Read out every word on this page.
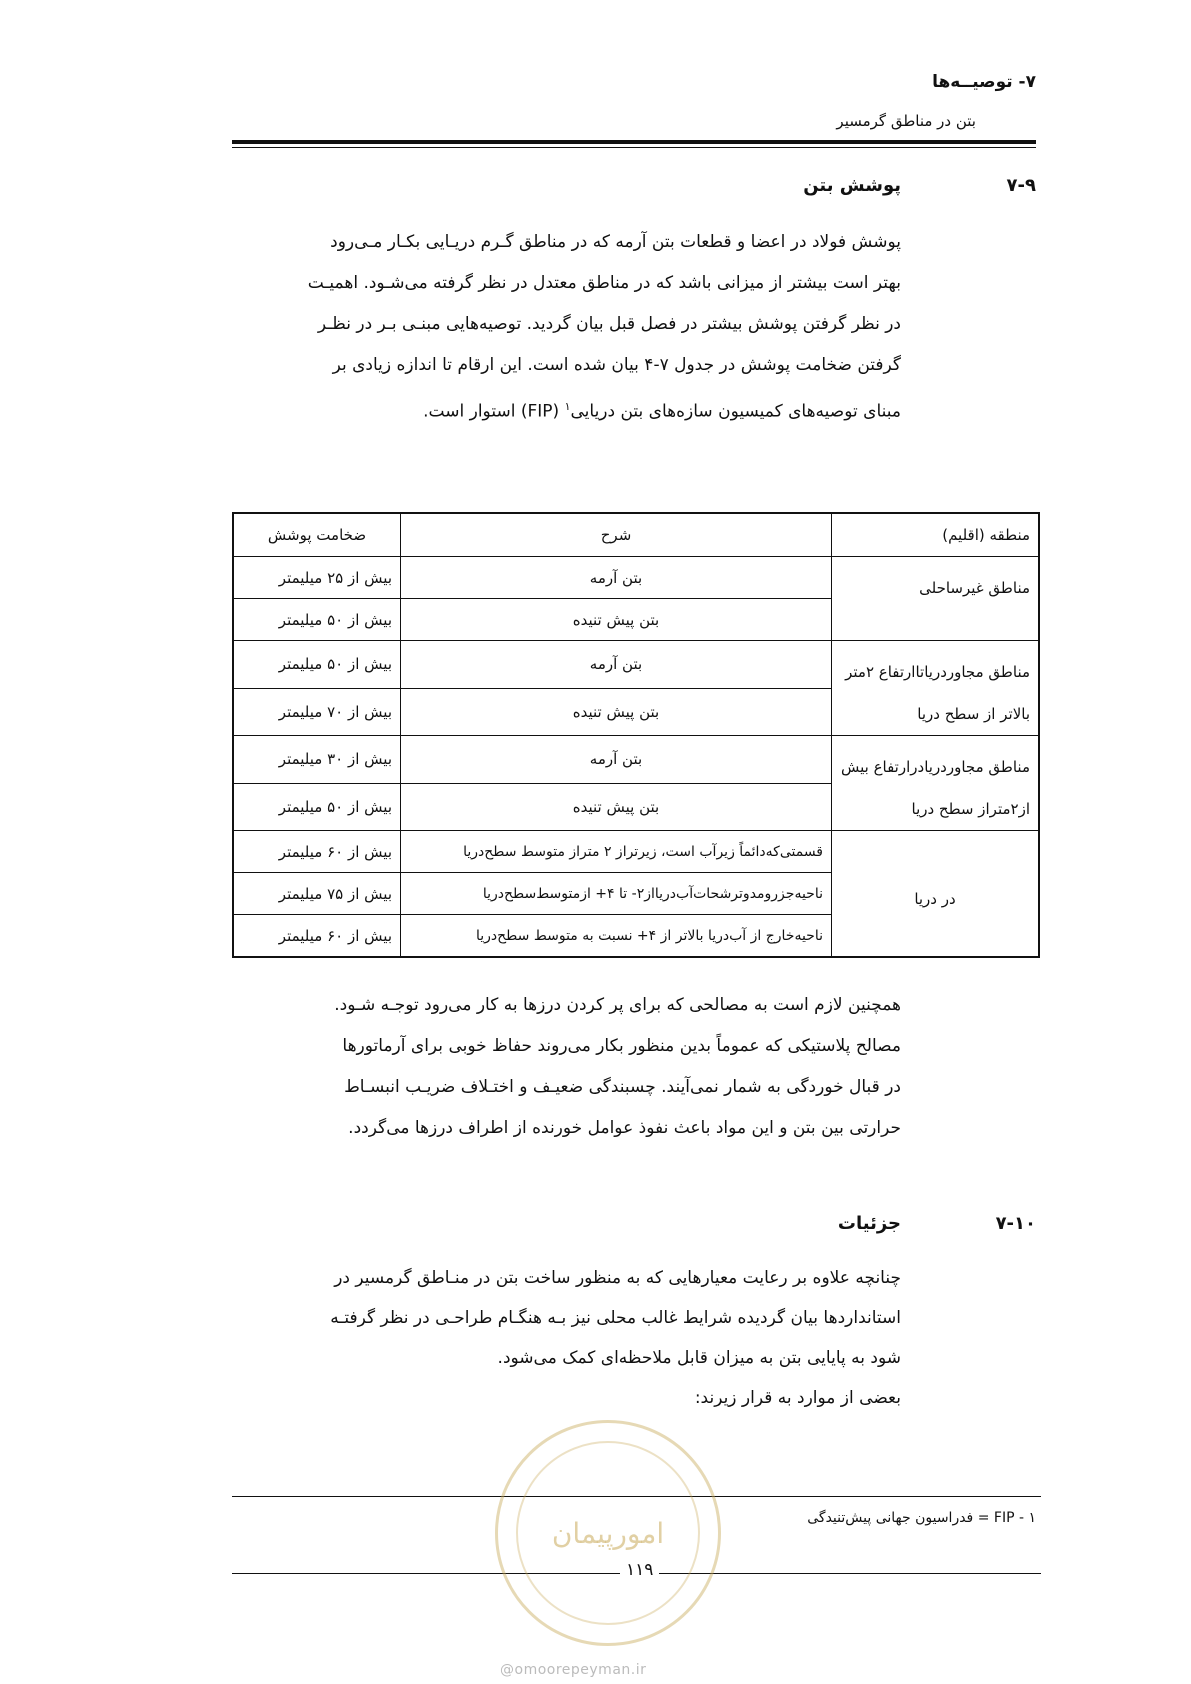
۷- توصیــه‌ها
بتن در مناطق گرمسیر
۷-۹
پوشش بتن
پوشش فولاد در اعضا و قطعات بتن آرمه که در مناطق گـرم دریـایی بکـار مـی‌رود
بهتر است بیشتر از میزانی باشد که در مناطق معتدل در نظر گرفته می‌شـود. اهمیـت
در نظر گرفتن پوشش بیشتر در فصل قبل بیان گردید. توصیه‌هایی مبنـی بـر در نظـر
گرفتن ضخامت پوشش در جدول ۷-۴ بیان شده است. این ارقام تا اندازه زیادی بر
مبنای توصیه‌های کمیسیون سازه‌های بتن دریایی$^۱$ (FIP) استوار است.
منطقه (اقلیم)	شرح	ضخامت پوشش
مناطق غیرساحلی	بتن آرمه	بیش از ۲۵ میلیمتر
	بتن پیش تنیده	بیش از ۵۰ میلیمتر
مناطق مجاوردریاتاارتفاع ۲متر بالاتر از سطح دریا	بتن آرمه	بیش از ۵۰ میلیمتر
	بتن پیش تنیده	بیش از ۷۰ میلیمتر
مناطق مجاوردریادرارتفاع بیش از۲متراز سطح دریا	بتن آرمه	بیش از ۳۰ میلیمتر
	بتن پیش تنیده	بیش از ۵۰ میلیمتر
در دریا	قسمتی‌که‌دائماً زیرآب است، زیرتراز ۲ متراز متوسط سطح‌دریا	بیش از ۶۰ میلیمتر
	ناحیه‌جزرومدوترشحات‌آب‌دریااز۲- تا ۴+ ازمتوسط‌سطح‌دریا	بیش از ۷۵ میلیمتر
	ناحیه‌خارج از آب‌دریا بالاتر از ۴+ نسبت به متوسط سطح‌دریا	بیش از ۶۰ میلیمتر
همچنین لازم است به مصالحی که برای پر کردن درزها به کار می‌رود توجـه شـود.
مصالح پلاستیکی که عموماً بدین منظور بکار می‌روند حفاظ خوبی برای آرماتورها
در قبال خوردگی به شمار نمی‌آیند. چسبندگی ضعیـف و اختـلاف ضریـب انبسـاط
حرارتی بین بتن و این مواد باعث نفوذ عوامل خورنده از اطراف درزها می‌گردد.
۷-۱۰
جزئیات
چنانچه علاوه بر رعایت معیارهایی که به منظور ساخت بتن در منـاطق گرمسیر در
استانداردها بیان گردیده شرایط غالب محلی نیز بـه هنگـام طراحـی در نظر گرفتـه
شود به پایایی بتن به میزان قابل ملاحظه‌ای کمک می‌شود.
بعضی از موارد به قرار زیرند:
۱ - FIP = فدراسیون جهانی پیش‌تنیدگی
۱۱۹
امورپیمان
@omoorepeyman.ir
